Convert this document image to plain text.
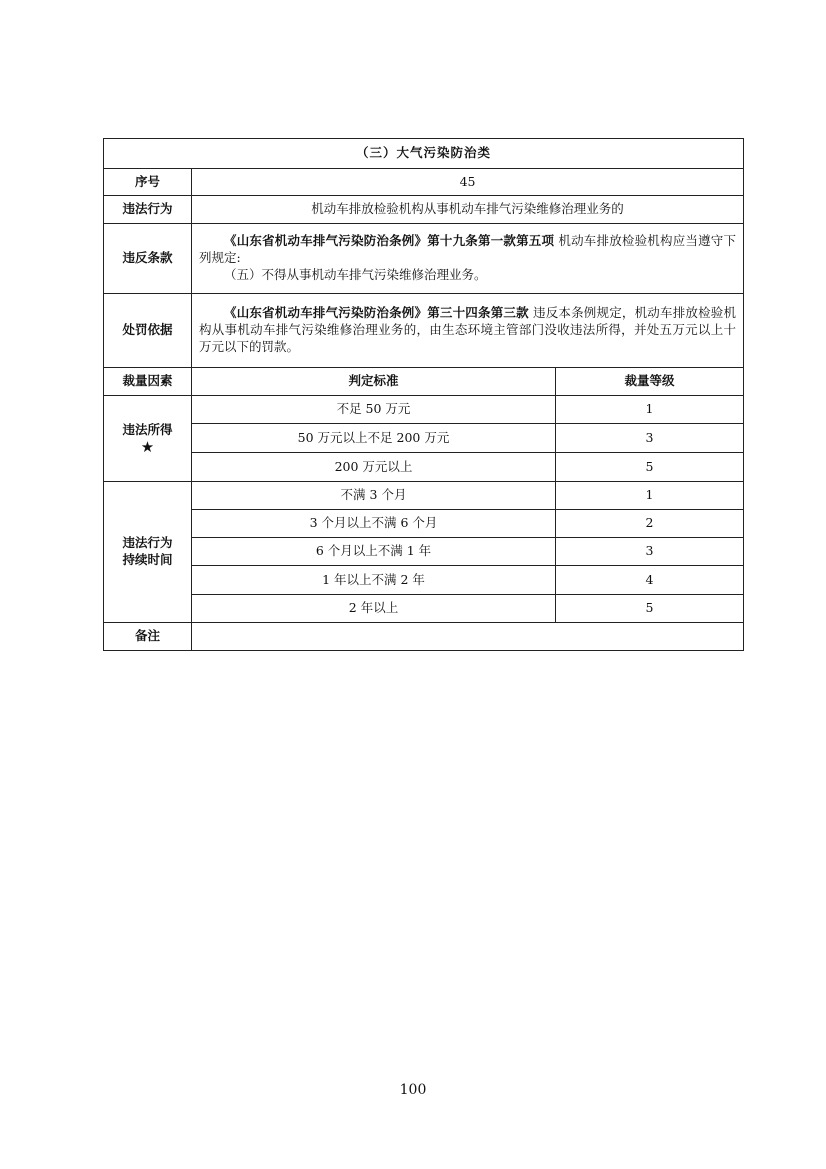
（三）大气污染防治类		
序号	45	
违法行为	机动车排放检验机构从事机动车排气污染维修治理业务的	
违反条款	《山东省机动车排气污染防治条例》第十九条第一款第五项 机动车排放检验机构应当遵守下列规定:
（五）不得从事机动车排气污染维修治理业务。	

处罚依据	《山东省机动车排气污染防治条例》第三十四条第三款 违反本条例规定，机动车排放检验机构从事机动车排气污染维修治理业务的，由生态环境主管部门没收违法所得，并处五万元以上十万元以下的罚款。	

裁量因素	判定标准	裁量等级
违法所得
★	不足 50 万元	1
	50 万元以上不足 200 万元	3
	200 万元以上	5
违法行为
持续时间	不满 3 个月	1
	3 个月以上不满 6 个月	2
	6 个月以上不满 1 年	3
	1 年以上不满 2 年	4
	2 年以上	5
备注		
100
